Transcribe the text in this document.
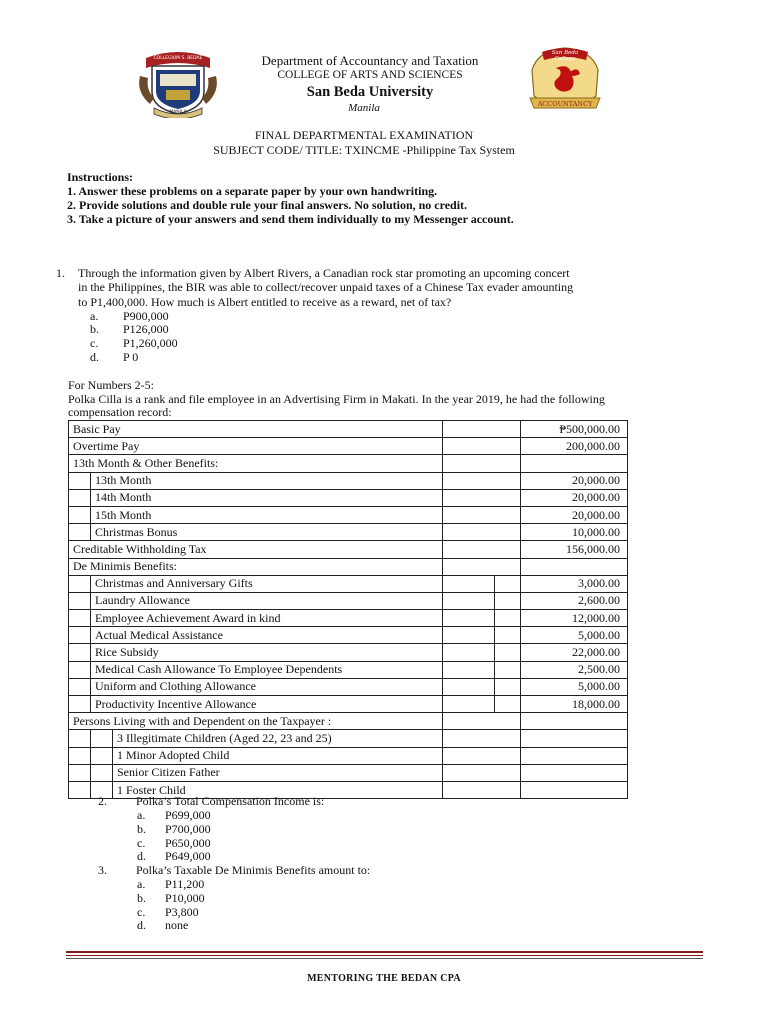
COLLEGIUM S. BEDAE
MANILA
Department of Accountancy and Taxation
COLLEGE OF ARTS AND SCIENCES
San Beda University
Manila
San Beda College
ACCOUNTANCY
FINAL DEPARTMENTAL EXAMINATION
SUBJECT CODE/ TITLE: TXINCME -Philippine Tax System
Instructions:
1. Answer these problems on a separate paper by your own handwriting.
2. Provide solutions and double rule your final answers. No solution, no credit.
3. Take a picture of your answers and send them individually to my Messenger account.
1. Through the information given by Albert Rivers, a Canadian rock star promoting an upcoming concert
in the Philippines, the BIR was able to collect/recover unpaid taxes of a Chinese Tax evader amounting
to P1,400,000. How much is Albert entitled to receive as a reward, net of tax?
a. P900,000
b. P126,000
c. P1,260,000
d. P 0
For Numbers 2-5:
Polka Cilla is a rank and file employee in an Advertising Firm in Makati. In the year 2019, he had the following
compensation record:
Basic Pay					₱500,000.00
Overtime Pay					200,000.00
13th Month & Other Benefits:					
	13th Month				20,000.00
	14th Month				20,000.00
	15th Month				20,000.00
	Christmas Bonus				10,000.00
Creditable Withholding Tax					156,000.00
De Minimis Benefits:					
	Christmas and Anniversary Gifts				3,000.00
	Laundry Allowance				2,600.00
	Employee Achievement Award in kind				12,000.00
	Actual Medical Assistance				5,000.00
	Rice Subsidy				22,000.00
	Medical Cash Allowance To Employee Dependents				2,500.00
	Uniform and Clothing Allowance				5,000.00
	Productivity Incentive Allowance				18,000.00
Persons Living with and Dependent on the Taxpayer :					
		3 Illegitimate Children (Aged 22, 23 and 25)			
		1 Minor Adopted Child			
		Senior Citizen Father			
		1 Foster Child			
2. Polka’s Total Compensation Income is:
a. P699,000
b. P700,000
c. P650,000
d. P649,000
3. Polka’s Taxable De Minimis Benefits amount to:
a. P11,200
b. P10,000
c. P3,800
d. none
MENTORING THE BEDAN CPA
